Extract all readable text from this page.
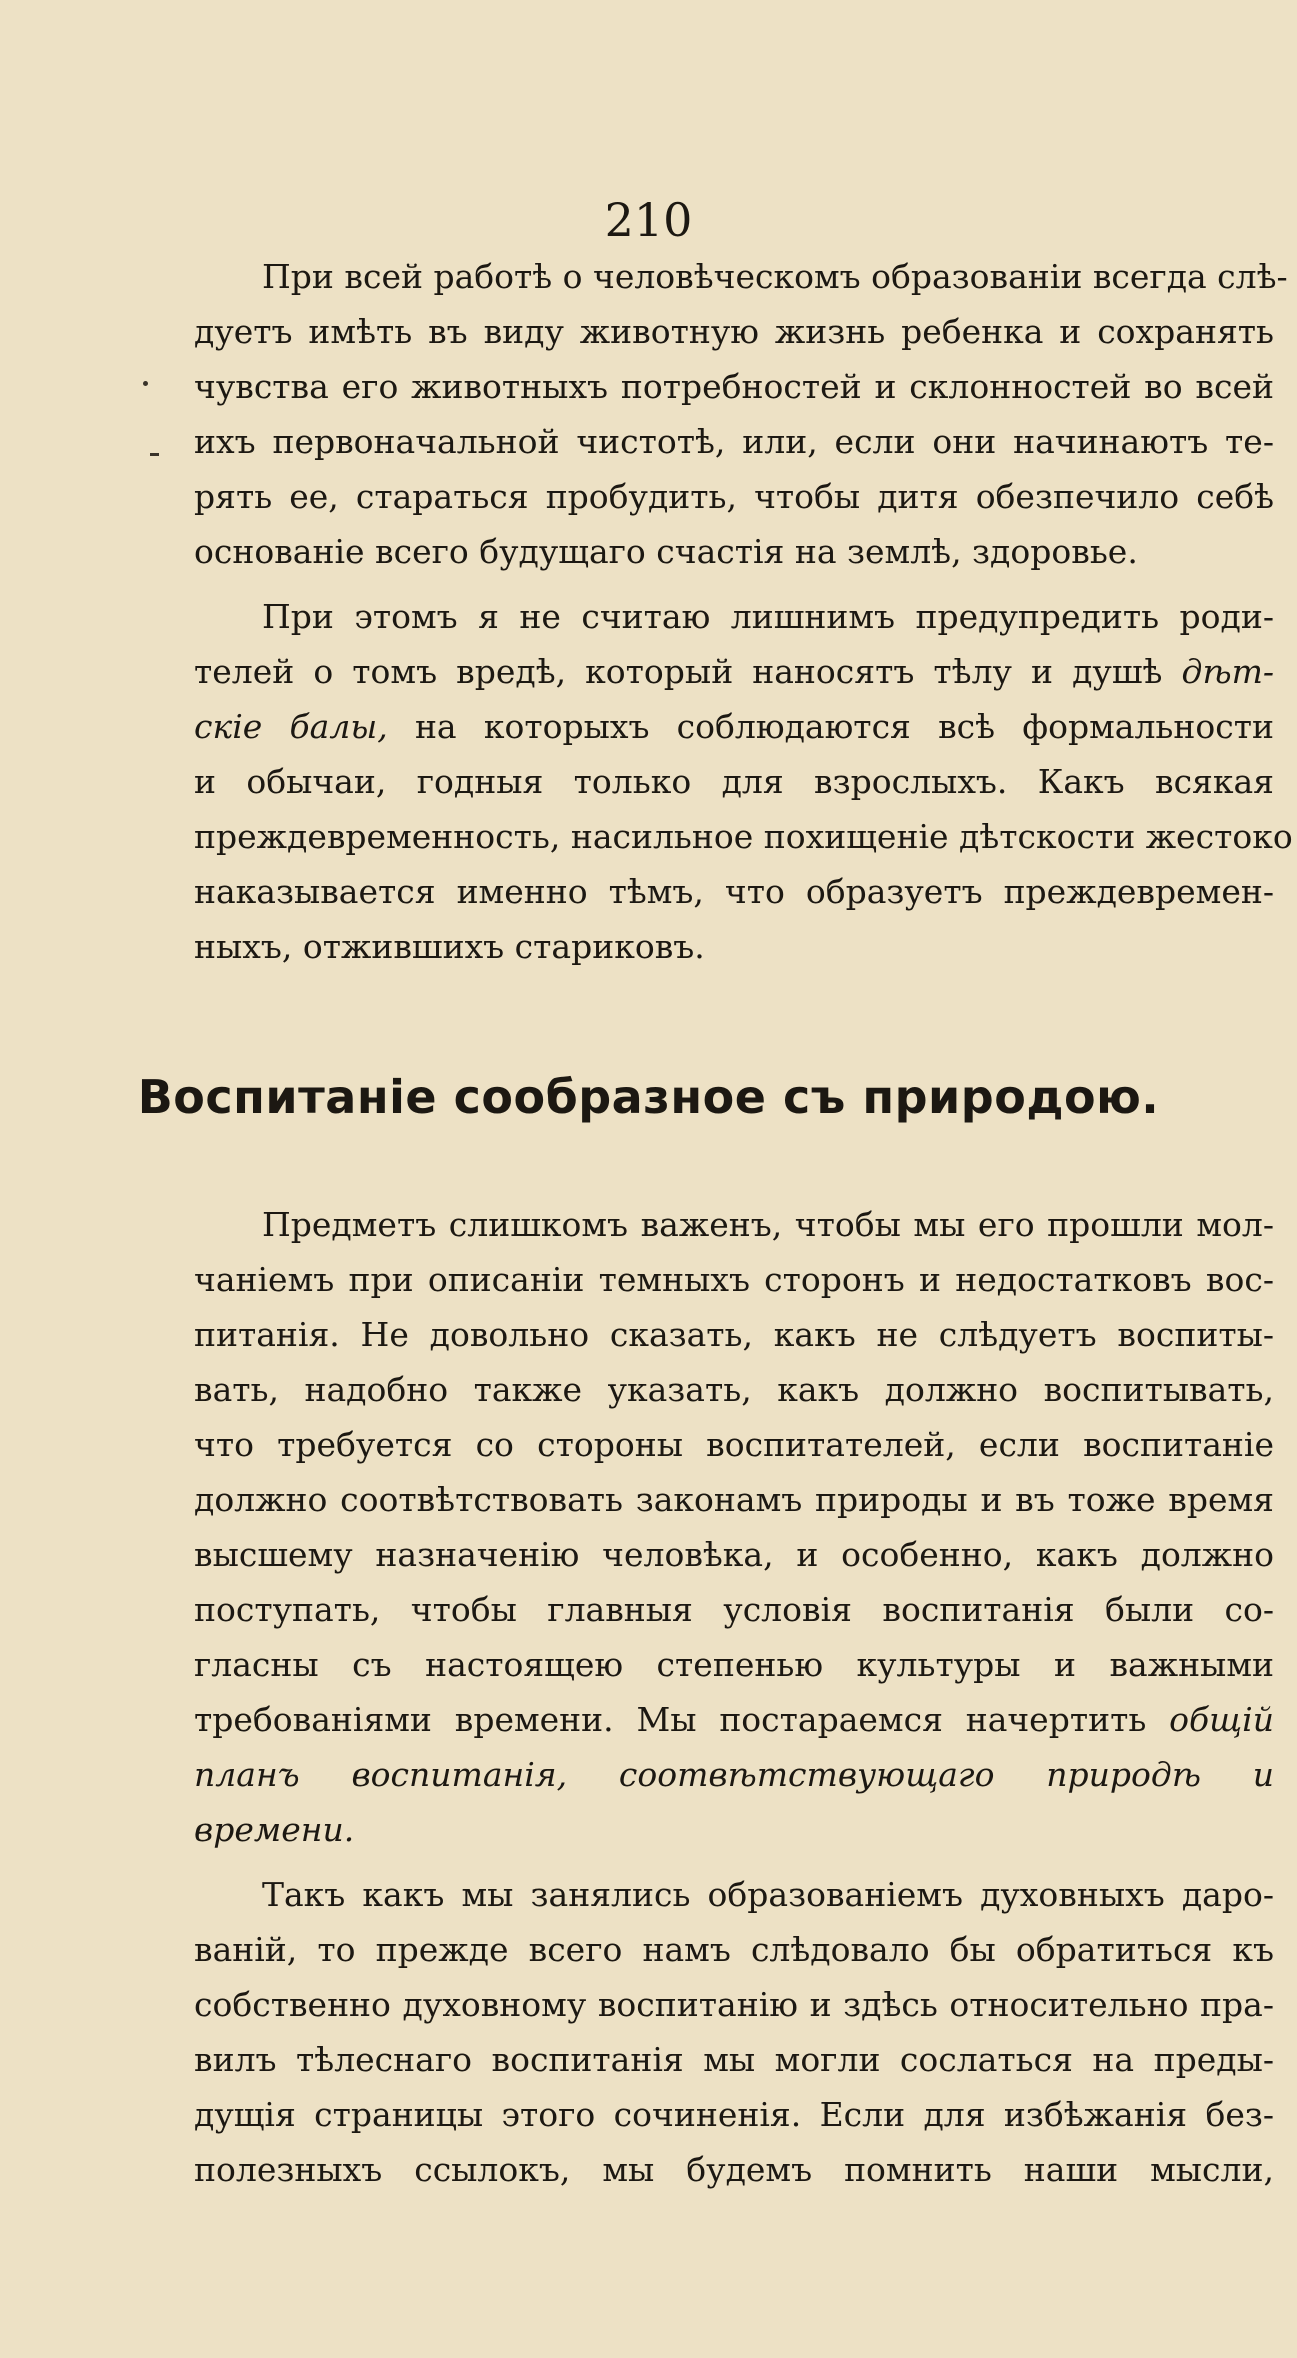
210
При всей работѣ о человѣческомъ образованіи всегда слѣ-
дуетъ имѣть въ виду животную жизнь ребенка и сохранять
чувства его животныхъ потребностей и склонностей во всей
ихъ первоначальной чистотѣ, или, если они начинаютъ те-
рять ее, стараться пробудить, чтобы дитя обезпечило себѣ
основаніе всего будущаго счастія на землѣ, здоровье.
При этомъ я не считаю лишнимъ предупредить роди-
телей о томъ вредѣ, который наносятъ тѣлу и душѣ дѣт-
скіе балы, на которыхъ соблюдаются всѣ формальности
и обычаи, годныя только для взрослыхъ. Какъ всякая
преждевременность, насильное похищеніе дѣтскости жестоко
наказывается именно тѣмъ, что образуетъ преждевремен-
ныхъ, отжившихъ стариковъ.
Воспитаніе сообразное съ природою.
Предметъ слишкомъ важенъ, чтобы мы его прошли мол-
чаніемъ при описаніи темныхъ сторонъ и недостатковъ вос-
питанія. Не довольно сказать, какъ не слѣдуетъ воспиты-
вать, надобно также указать, какъ должно воспитывать,
что требуется со стороны воспитателей, если воспитаніе
должно соотвѣтствовать законамъ природы и въ тоже время
высшему назначенію человѣка, и особенно, какъ должно
поступать, чтобы главныя условія воспитанія были со-
гласны съ настоящею степенью культуры и важными
требованіями времени. Мы постараемся начертить общій
планъ воспитанія, соотвѣтствующаго природѣ и
времени.
Такъ какъ мы занялись образованіемъ духовныхъ даро-
ваній, то прежде всего намъ слѣдовало бы обратиться къ
собственно духовному воспитанію и здѣсь относительно пра-
вилъ тѣлеснаго воспитанія мы могли сослаться на преды-
дущія страницы этого сочиненія. Если для избѣжанія без-
полезныхъ ссылокъ, мы будемъ помнить наши мысли,
